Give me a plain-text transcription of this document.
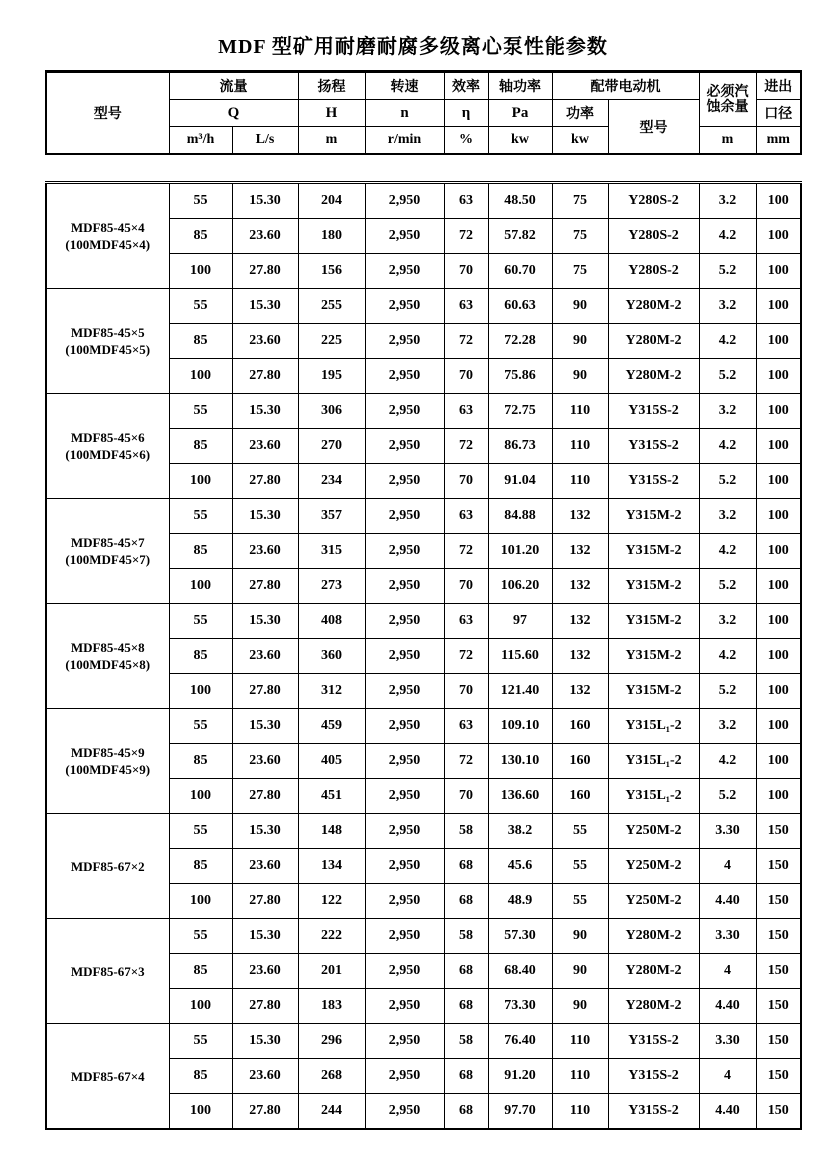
MDF 型矿用耐磨耐腐多级离心泵性能参数
型号	流量		扬程	转速	效率	轴功率	配带电动机		必须汽
蚀余量	进出
	Q		H	n	η	Pa	功率	型号		口径
	m³/h	L/s	m	r/min	%	kw	kw		m	mm
MDF85-45×4
(100MDF45×4)	55	15.30	204	2,950	63	48.50	75	Y280S-2	3.2	100
	85	23.60	180	2,950	72	57.82	75	Y280S-2	4.2	100
	100	27.80	156	2,950	70	60.70	75	Y280S-2	5.2	100

MDF85-45×5
(100MDF45×5)	55	15.30	255	2,950	63	60.63	90	Y280M-2	3.2	100
	85	23.60	225	2,950	72	72.28	90	Y280M-2	4.2	100
	100	27.80	195	2,950	70	75.86	90	Y280M-2	5.2	100

MDF85-45×6
(100MDF45×6)	55	15.30	306	2,950	63	72.75	110	Y315S-2	3.2	100
	85	23.60	270	2,950	72	86.73	110	Y315S-2	4.2	100
	100	27.80	234	2,950	70	91.04	110	Y315S-2	5.2	100

MDF85-45×7
(100MDF45×7)	55	15.30	357	2,950	63	84.88	132	Y315M-2	3.2	100
	85	23.60	315	2,950	72	101.20	132	Y315M-2	4.2	100
	100	27.80	273	2,950	70	106.20	132	Y315M-2	5.2	100

MDF85-45×8
(100MDF45×8)	55	15.30	408	2,950	63	97	132	Y315M-2	3.2	100
	85	23.60	360	2,950	72	115.60	132	Y315M-2	4.2	100
	100	27.80	312	2,950	70	121.40	132	Y315M-2	5.2	100

MDF85-45×9
(100MDF45×9)	55	15.30	459	2,950	63	109.10	160	Y315L₁-2	3.2	100
	85	23.60	405	2,950	72	130.10	160	Y315L₁-2	4.2	100
	100	27.80	451	2,950	70	136.60	160	Y315L₁-2	5.2	100

MDF85-67×2	55	15.30	148	2,950	58	38.2	55	Y250M-2	3.30	150
	85	23.60	134	2,950	68	45.6	55	Y250M-2	4	150
	100	27.80	122	2,950	68	48.9	55	Y250M-2	4.40	150

MDF85-67×3	55	15.30	222	2,950	58	57.30	90	Y280M-2	3.30	150
	85	23.60	201	2,950	68	68.40	90	Y280M-2	4	150
	100	27.80	183	2,950	68	73.30	90	Y280M-2	4.40	150

MDF85-67×4	55	15.30	296	2,950	58	76.40	110	Y315S-2	3.30	150
	85	23.60	268	2,950	68	91.20	110	Y315S-2	4	150
	100	27.80	244	2,950	68	97.70	110	Y315S-2	4.40	150
